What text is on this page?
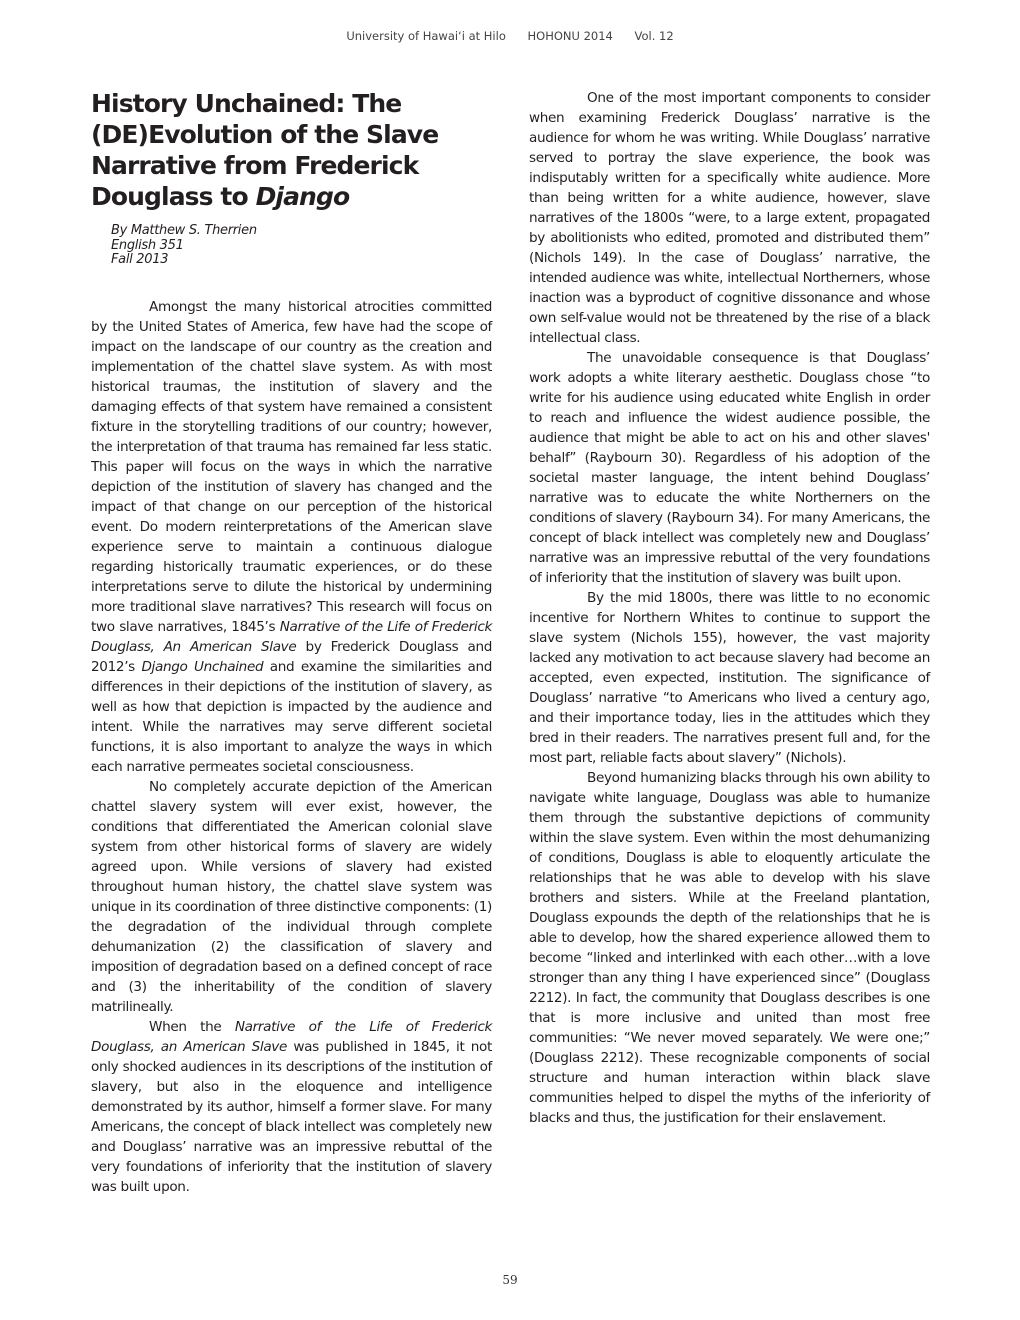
University of Hawai‘i at Hilo HOHONU 2014 Vol. 12
History Unchained: The
(DE)Evolution of the Slave
Narrative from Frederick
Douglass to Django
By Matthew S. Therrien
English 351
Fall 2013

Amongst the many historical atrocities committed by the United States of America, few have had the scope of impact on the landscape of our country as the creation and implementation of the chattel slave system. As with most historical traumas, the institution of slavery and the damaging effects of that system have remained a consistent fixture in the storytelling traditions of our country; however, the interpretation of that trauma has remained far less static. This paper will focus on the ways in which the narrative depiction of the institution of slavery has changed and the impact of that change on our perception of the historical event. Do modern reinterpretations of the American slave experience serve to maintain a continuous dialogue regarding historically traumatic experiences, or do these interpretations serve to dilute the historical by undermining more traditional slave narratives? This research will focus on two slave narratives, 1845’s Narrative of the Life of Frederick Douglass, An American Slave by Frederick Douglass and 2012’s Django Unchained and examine the similarities and differences in their depictions of the institution of slavery, as well as how that depiction is impacted by the audience and intent. While the narratives may serve different societal functions, it is also important to analyze the ways in which each narrative permeates societal consciousness.

No completely accurate depiction of the American chattel slavery system will ever exist, however, the conditions that differentiated the American colonial slave system from other historical forms of slavery are widely agreed upon. While versions of slavery had existed throughout human history, the chattel slave system was unique in its coordination of three distinctive components: (1) the degradation of the individual through complete dehumanization (2) the classification of slavery and imposition of degradation based on a defined concept of race and (3) the inheritability of the condition of slavery matrilineally.

When the Narrative of the Life of Frederick Douglass, an American Slave was published in 1845, it not only shocked audiences in its descriptions of the institution of slavery, but also in the eloquence and intelligence demonstrated by its author, himself a former slave. For many Americans, the concept of black intellect was completely new and Douglass’ narrative was an impressive rebuttal of the very foundations of inferiority that the institution of slavery was built upon.

One of the most important components to consider when examining Frederick Douglass’ narrative is the audience for whom he was writing. While Douglass’ narrative served to portray the slave experience, the book was indisputably written for a specifically white audience. More than being written for a white audience, however, slave narratives of the 1800s “were, to a large extent, propagated by abolitionists who edited, promoted and distributed them” (Nichols 149). In the case of Douglass’ narrative, the intended audience was white, intellectual Northerners, whose inaction was a byproduct of cognitive dissonance and whose own self-value would not be threatened by the rise of a black intellectual class.

The unavoidable consequence is that Douglass’ work adopts a white literary aesthetic. Douglass chose “to write for his audience using educated white English in order to reach and influence the widest audience possible, the audience that might be able to act on his and other slaves' behalf” (Raybourn 30). Regardless of his adoption of the societal master language, the intent behind Douglass’ narrative was to educate the white Northerners on the conditions of slavery (Raybourn 34). For many Americans, the concept of black intellect was completely new and Douglass’ narrative was an impressive rebuttal of the very foundations of inferiority that the institution of slavery was built upon.

By the mid 1800s, there was little to no economic incentive for Northern Whites to continue to support the slave system (Nichols 155), however, the vast majority lacked any motivation to act because slavery had become an accepted, even expected, institution. The significance of Douglass’ narrative “to Americans who lived a century ago, and their importance today, lies in the attitudes which they bred in their readers. The narratives present full and, for the most part, reliable facts about slavery” (Nichols).

Beyond humanizing blacks through his own ability to navigate white language, Douglass was able to humanize them through the substantive depictions of community within the slave system. Even within the most dehumanizing of conditions, Douglass is able to eloquently articulate the relationships that he was able to develop with his slave brothers and sisters. While at the Freeland plantation, Douglass expounds the depth of the relationships that he is able to develop, how the shared experience allowed them to become “linked and interlinked with each other…with a love stronger than any thing I have experienced since” (Douglass 2212). In fact, the community that Douglass describes is one that is more inclusive and united than most free communities: “We never moved separately. We were one;” (Douglass 2212). These recognizable components of social structure and human interaction within black slave communities helped to dispel the myths of the inferiority of blacks and thus, the justification for their enslavement.

59
